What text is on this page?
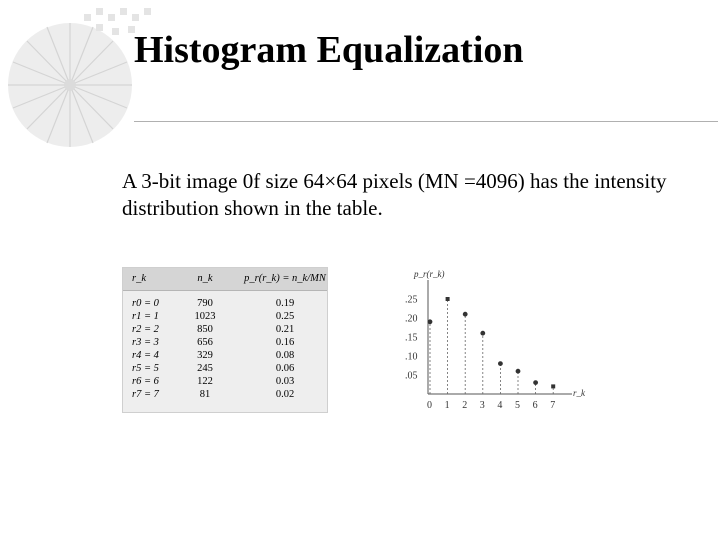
Histogram Equalization
A 3-bit image 0f size 64×64 pixels (MN =4096) has the intensity distribution shown in the table.
r_k	n_k	p_r(r_k) = n_k/MN
r0 = 0	790	0.19
r1 = 1	1023	0.25
r2 = 2	850	0.21
r3 = 3	656	0.16
r4 = 4	329	0.08
r5 = 5	245	0.06
r6 = 6	122	0.03
r7 = 7	81	0.02
p_r(r_k)
r_k
.25
.20
.15
.10
.05
0 1 2 3 4 5 6 7
